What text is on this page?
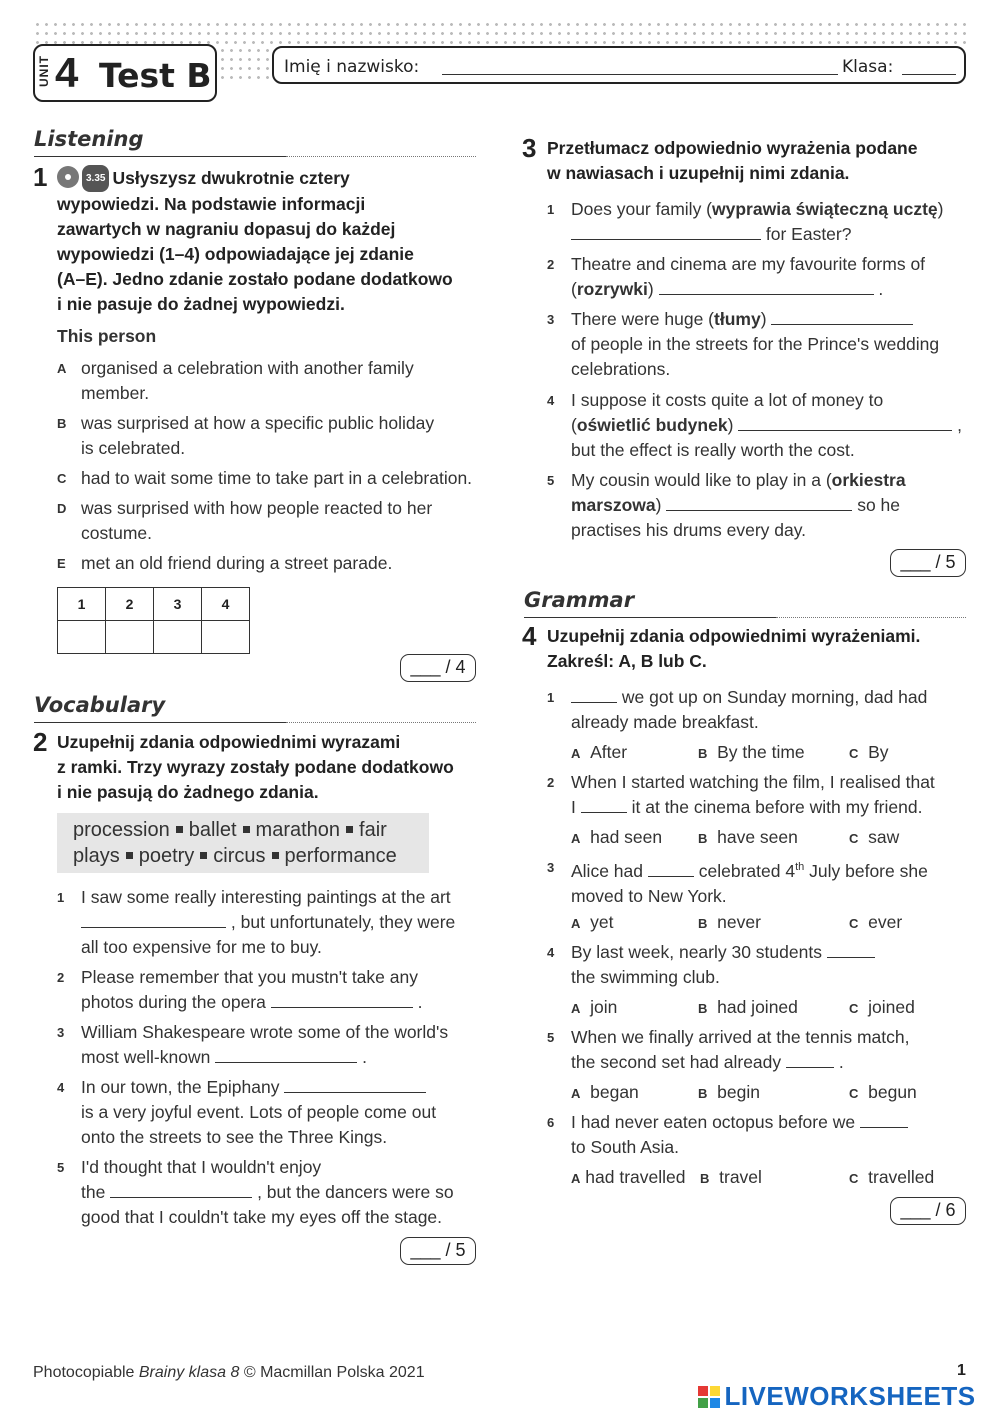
UNIT 4 Test B	Imię i nazwisko:	Klasa:
Listening
1	3.35 Usłyszysz dwukrotnie cztery
wypowiedzi. Na podstawie informacji
zawartych w nagraniu dopasuj do każdej
wypowiedzi (1–4) odpowiadające jej zdanie
(A–E). Jedno zdanie zostało podane dodatkowo
i nie pasuje do żadnej wypowiedzi.
This person
A organised a celebration with another family
member.
B was surprised at how a specific public holiday
is celebrated.
C had to wait some time to take part in a celebration.
D was surprised with how people reacted to her
costume.
E met an old friend during a street parade.
1	2	3	4

___ / 4
Vocabulary
2 Uzupełnij zdania odpowiednimi wyrazami
z ramki. Trzy wyrazy zostały podane dodatkowo
i nie pasują do żadnego zdania.
procession ballet marathon fair
plays poetry circus performance
1 I saw some really interesting paintings at the art
, but unfortunately, they were
all too expensive for me to buy.
2 Please remember that you mustn't take any
photos during the opera	.
3 William Shakespeare wrote some of the world's
most well-known	.
4 In our town, the Epiphany
is a very joyful event. Lots of people come out
onto the streets to see the Three Kings.
5 I'd thought that I wouldn't enjoy
the	, but the dancers were so
good that I couldn't take my eyes off the stage.
___ / 5
3 Przetłumacz odpowiednio wyrażenia podane
w nawiasach i uzupełnij nimi zdania.
1 Does your family (wyprawia świąteczną ucztę)
for Easter?
2 Theatre and cinema are my favourite forms of
(rozrywki)	.
3 There were huge (tłumy)
of people in the streets for the Prince's wedding
celebrations.
4 I suppose it costs quite a lot of money to
(oświetlić budynek)	,
but the effect is really worth the cost.
5 My cousin would like to play in a (orkiestra
marszowa)	so he
practises his drums every day.
___ / 5
Grammar
4 Uzupełnij zdania odpowiednimi wyrażeniami.
Zakreśl: A, B lub C.
1	we got up on Sunday morning, dad had
already made breakfast.
A After	B By the time	C By
2 When I started watching the film, I realised that
I	it at the cinema before with my friend.
A had seen	B have seen	C saw
3 Alice had	celebrated 4th July before she
moved to New York.
A yet	B never	C ever
4 By last week, nearly 30 students
the swimming club.
A join	B had joined	C joined
5 When we finally arrived at the tennis match,
the second set had already	.
A began	B begin	C begun
6 I had never eaten octopus before we
to South Asia.
A had travelled B travel	C travelled
___ / 6
Photocopiable Brainy klasa 8 © Macmillan Polska 2021	1
LIVEWORKSHEETS
